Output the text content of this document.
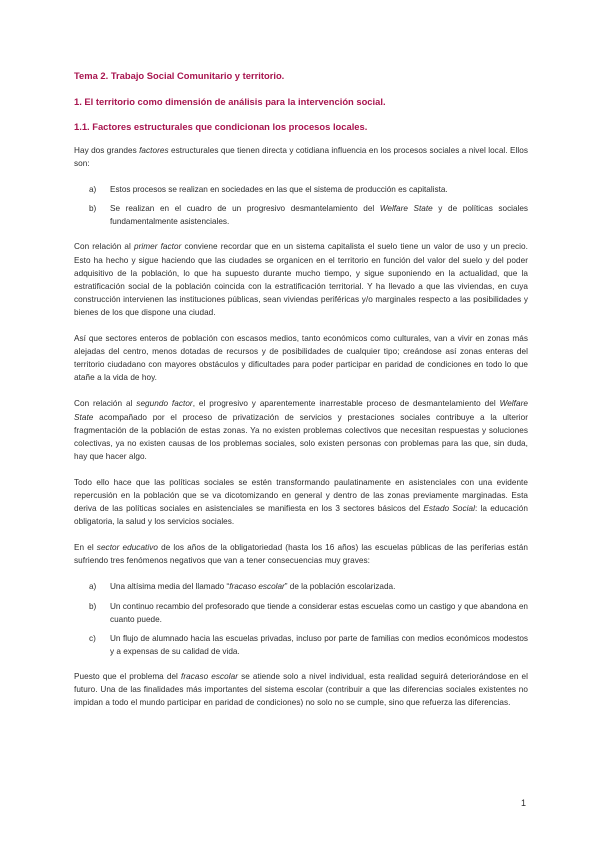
Tema 2. Trabajo Social Comunitario y territorio.
1. El territorio como dimensión de análisis para la intervención social.
1.1. Factores estructurales que condicionan los procesos locales.

Hay dos grandes factores estructurales que tienen directa y cotidiana influencia en los procesos sociales a nivel local. Ellos son:

a) Estos procesos se realizan en sociedades en las que el sistema de producción es capitalista.
b) Se realizan en el cuadro de un progresivo desmantelamiento del Welfare State y de políticas sociales fundamentalmente asistenciales.

Con relación al primer factor conviene recordar que en un sistema capitalista el suelo tiene un valor de uso y un precio. Esto ha hecho y sigue haciendo que las ciudades se organicen en el territorio en función del valor del suelo y del poder adquisitivo de la población, lo que ha supuesto durante mucho tiempo, y sigue suponiendo en la actualidad, que la estratificación social de la población coincida con la estratificación territorial. Y ha llevado a que las viviendas, en cuya construcción intervienen las instituciones públicas, sean viviendas periféricas y/o marginales respecto a las posibilidades y bienes de los que dispone una ciudad.

Así que sectores enteros de población con escasos medios, tanto económicos como culturales, van a vivir en zonas más alejadas del centro, menos dotadas de recursos y de posibilidades de cualquier tipo; creándose así zonas enteras del territorio ciudadano con mayores obstáculos y dificultades para poder participar en paridad de condiciones en todo lo que atañe a la vida de hoy.

Con relación al segundo factor, el progresivo y aparentemente inarrestable proceso de desmantelamiento del Welfare State acompañado por el proceso de privatización de servicios y prestaciones sociales contribuye a la ulterior fragmentación de la población de estas zonas. Ya no existen problemas colectivos que necesitan respuestas y soluciones colectivas, ya no existen causas de los problemas sociales, solo existen personas con problemas para las que, sin duda, hay que hacer algo.

Todo ello hace que las políticas sociales se estén transformando paulatinamente en asistenciales con una evidente repercusión en la población que se va dicotomizando en general y dentro de las zonas previamente marginadas. Esta deriva de las políticas sociales en asistenciales se manifiesta en los 3 sectores básicos del Estado Social: la educación obligatoria, la salud y los servicios sociales.

En el sector educativo de los años de la obligatoriedad (hasta los 16 años) las escuelas públicas de las periferias están sufriendo tres fenómenos negativos que van a tener consecuencias muy graves:

a) Una altísima media del llamado “fracaso escolar” de la población escolarizada.
b) Un continuo recambio del profesorado que tiende a considerar estas escuelas como un castigo y que abandona en cuanto puede.
c) Un flujo de alumnado hacia las escuelas privadas, incluso por parte de familias con medios económicos modestos y a expensas de su calidad de vida.

Puesto que el problema del fracaso escolar se atiende solo a nivel individual, esta realidad seguirá deteriorándose en el futuro. Una de las finalidades más importantes del sistema escolar (contribuir a que las diferencias sociales existentes no impidan a todo el mundo participar en paridad de condiciones) no solo no se cumple, sino que refuerza las diferencias.

1
